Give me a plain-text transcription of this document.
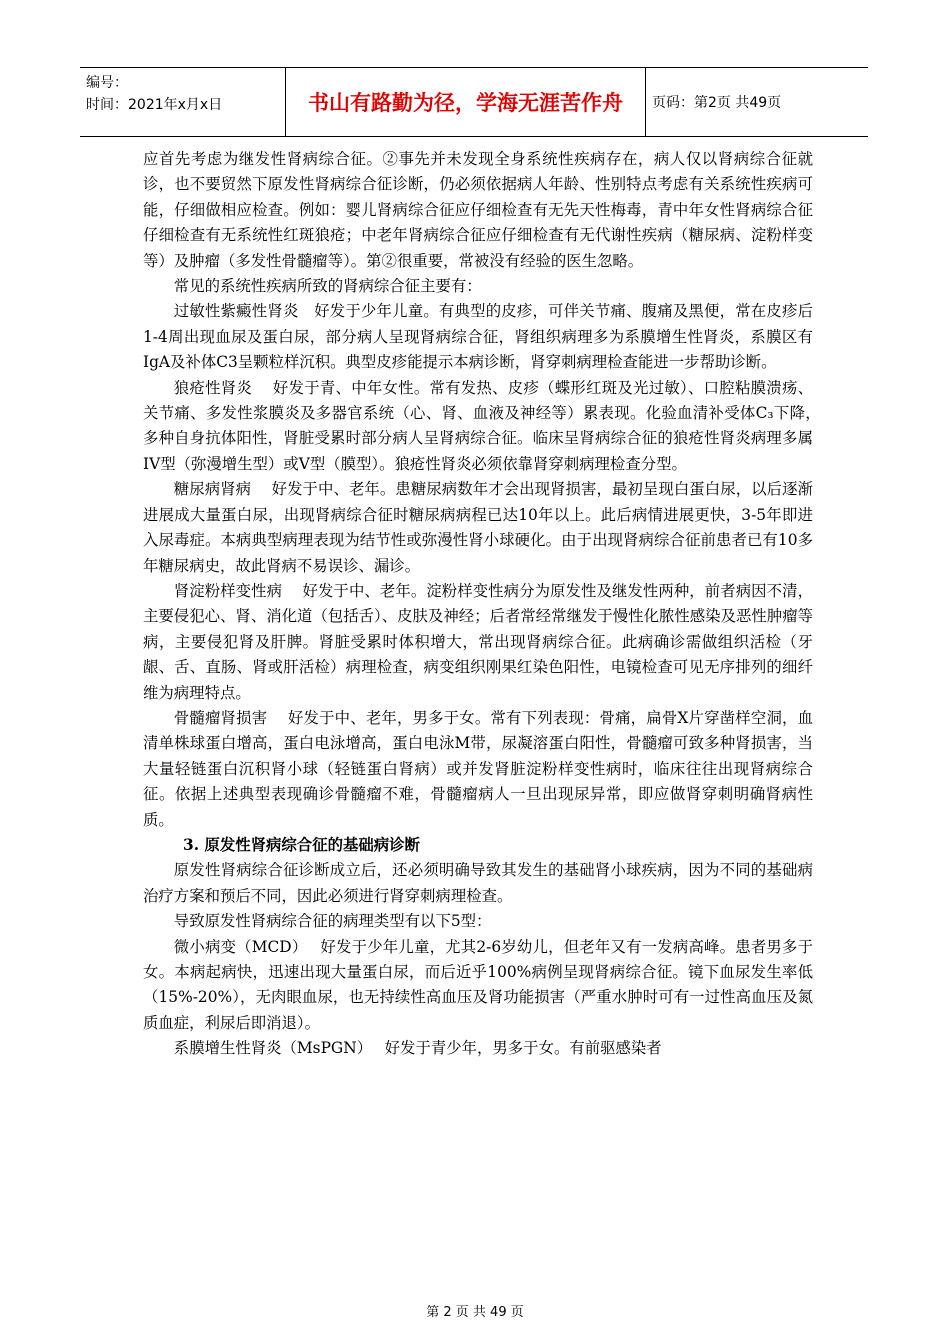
编号：
时间：2021年x月x日	书山有路勤为径，学海无涯苦作舟	页码：第2页 共49页

应首先考虑为继发性肾病综合征。②事先并未发现全身系统性疾病存在，病人仅以肾病综合征就诊，也不要贸然下原发性肾病综合征诊断，仍必须依据病人年龄、性别特点考虑有关系统性疾病可能，仔细做相应检查。例如：婴儿肾病综合征应仔细检查有无先天性梅毒，青中年女性肾病综合征仔细检查有无系统性红斑狼疮；中老年肾病综合征应仔细检查有无代谢性疾病（糖尿病、淀粉样变等）及肿瘤（多发性骨髓瘤等）。第②很重要，常被没有经验的医生忽略。

常见的系统性疾病所致的肾病综合征主要有：

过敏性紫癜性肾炎　好发于少年儿童。有典型的皮疹，可伴关节痛、腹痛及黑便，常在皮疹后1-4周出现血尿及蛋白尿，部分病人呈现肾病综合征，肾组织病理多为系膜增生性肾炎，系膜区有IgA及补体C3呈颗粒样沉积。典型皮疹能提示本病诊断，肾穿刺病理检查能进一步帮助诊断。

狼疮性肾炎　 好发于青、中年女性。常有发热、皮疹（蝶形红斑及光过敏）、口腔粘膜溃疡、关节痛、多发性浆膜炎及多器官系统（心、肾、血液及神经等）累表现。化验血清补受体C₃下降，　多种自身抗体阳性，肾脏受累时部分病人呈肾病综合征。临床呈肾病综合征的狼疮性肾炎病理多属IV型（弥漫增生型）或V型（膜型）。狼疮性肾炎必须依靠肾穿刺病理检查分型。

糖尿病肾病　 好发于中、老年。患糖尿病数年才会出现肾损害，最初呈现白蛋白尿，以后逐渐进展成大量蛋白尿，出现肾病综合征时糖尿病病程已达10年以上。此后病情进展更快，3-5年即进入尿毒症。本病典型病理表现为结节性或弥漫性肾小球硬化。由于出现肾病综合征前患者已有10多年糖尿病史，故此肾病不易误诊、漏诊。

肾淀粉样变性病　 好发于中、老年。淀粉样变性病分为原发性及继发性两种，前者病因不清，主要侵犯心、肾、消化道（包括舌）、皮肤及神经；后者常经常继发于慢性化脓性感染及恶性肿瘤等病，主要侵犯肾及肝脾。肾脏受累时体积增大，常出现肾病综合征。此病确诊需做组织活检（牙龈、舌、直肠、肾或肝活检）病理检查，病变组织刚果红染色阳性，电镜检查可见无序排列的细纤维为病理特点。

骨髓瘤肾损害　 好发于中、老年，男多于女。常有下列表现：骨痛，扁骨X片穿凿样空洞，血清单株球蛋白增高，蛋白电泳增高，蛋白电泳M带，尿凝溶蛋白阳性，骨髓瘤可致多种肾损害，当大量轻链蛋白沉积肾小球（轻链蛋白肾病）或并发肾脏淀粉样变性病时，临床往往出现肾病综合征。依据上述典型表现确诊骨髓瘤不难，骨髓瘤病人一旦出现尿异常，即应做肾穿刺明确肾病性质。

3. 原发性肾病综合征的基础病诊断

原发性肾病综合征诊断成立后，还必须明确导致其发生的基础肾小球疾病，因为不同的基础病治疗方案和预后不同，因此必须进行肾穿刺病理检查。

导致原发性肾病综合征的病理类型有以下5型：

微小病变（MCD）　 好发于少年儿童，尤其2-6岁幼儿，但老年又有一发病高峰。患者男多于女。本病起病快，迅速出现大量蛋白尿，而后近乎100%病例呈现肾病综合征。镜下血尿发生率低（15%-20%），无肉眼血尿，也无持续性高血压及肾功能损害（严重水肿时可有一过性高血压及氮质血症，利尿后即消退）。

系膜增生性肾炎（MsPGN）　 好发于青少年，男多于女。有前驱感染者

第 2 页 共 49 页
